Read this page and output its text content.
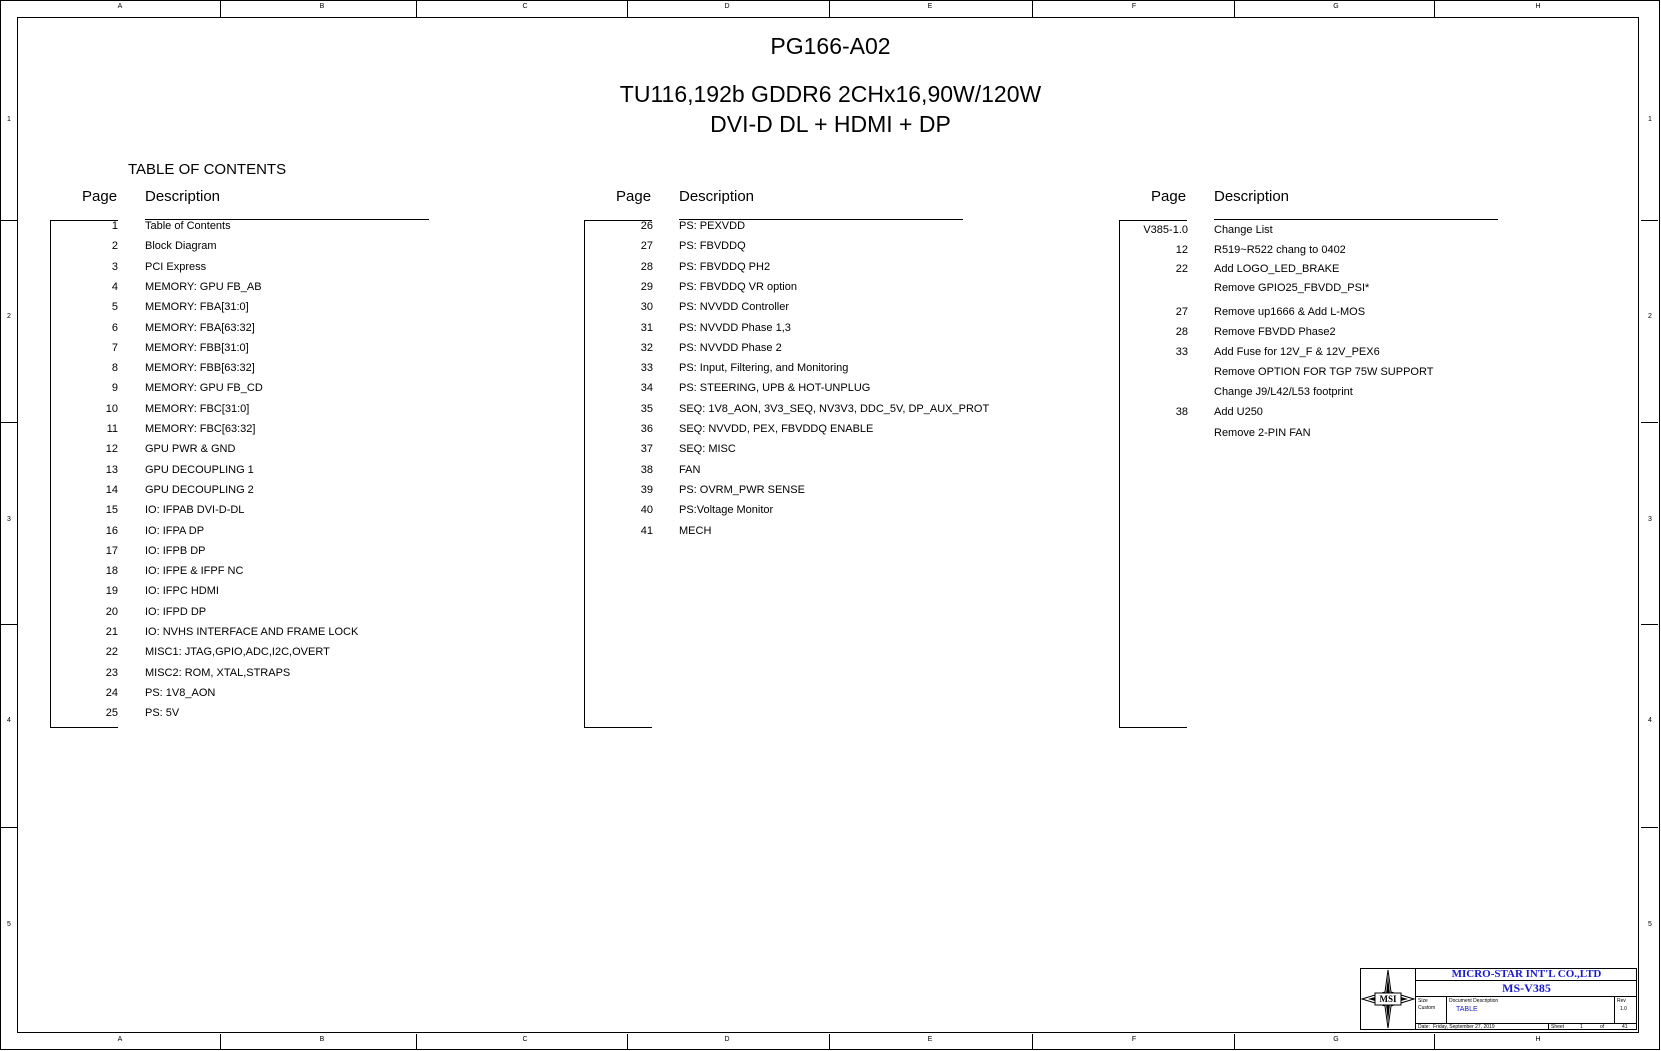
A
A
B
B
C
C
D
D
E
E
F
F
G
G
H
H
1	1
2	2
3	3
4	4
5	5
PG166-A02
TU116,192b GDDR6 2CHx16,90W/120W
DVI-D DL + HDMI + DP
TABLE OF CONTENTS
Page Description
1 Table of Contents
2 Block Diagram
3 PCI Express
4 MEMORY: GPU FB_AB
5 MEMORY: FBA[31:0]
6 MEMORY: FBA[63:32]
7 MEMORY: FBB[31:0]
8 MEMORY: FBB[63:32]
9 MEMORY: GPU FB_CD
10 MEMORY: FBC[31:0]
11 MEMORY: FBC[63:32]
12 GPU PWR & GND
13 GPU DECOUPLING 1
14 GPU DECOUPLING 2
15 IO: IFPAB DVI-D-DL
16 IO: IFPA DP
17 IO: IFPB DP
18 IO: IFPE & IFPF NC
19 IO: IFPC HDMI
20 IO: IFPD DP
21 IO: NVHS INTERFACE AND FRAME LOCK
22 MISC1: JTAG,GPIO,ADC,I2C,OVERT
23 MISC2: ROM, XTAL,STRAPS
24 PS: 1V8_AON
25 PS: 5V
Page Description
26 PS: PEXVDD
27 PS: FBVDDQ
28 PS: FBVDDQ PH2
29 PS: FBVDDQ VR option
30 PS: NVVDD Controller
31 PS: NVVDD Phase 1,3
32 PS: NVVDD Phase 2
33 PS: Input, Filtering, and Monitoring
34 PS: STEERING, UPB & HOT-UNPLUG
35 SEQ: 1V8_AON, 3V3_SEQ, NV3V3, DDC_5V, DP_AUX_PROT
36 SEQ: NVVDD, PEX, FBVDDQ ENABLE
37 SEQ: MISC
38 FAN
39 PS: OVRM_PWR SENSE
40 PS:Voltage Monitor
41 MECH
Page Description
V385-1.0 Change List
12 R519~R522 chang to 0402
22 Add LOGO_LED_BRAKE
Remove GPIO25_FBVDD_PSI*
27 Remove up1666 & Add L-MOS
28 Remove FBVDD Phase2
33 Add Fuse for 12V_F & 12V_PEX6
Remove OPTION FOR TGP 75W SUPPORT
Change J9/L42/L53 footprint
38 Add U250
Remove 2-PIN FAN
MSI
MICRO-STAR INT'L CO.,LTD
MS-V385
Size
Custom
Document Description
TABLE
Rev
1.0
Date: Friday, September 27, 2019	Sheet	1	of	41
